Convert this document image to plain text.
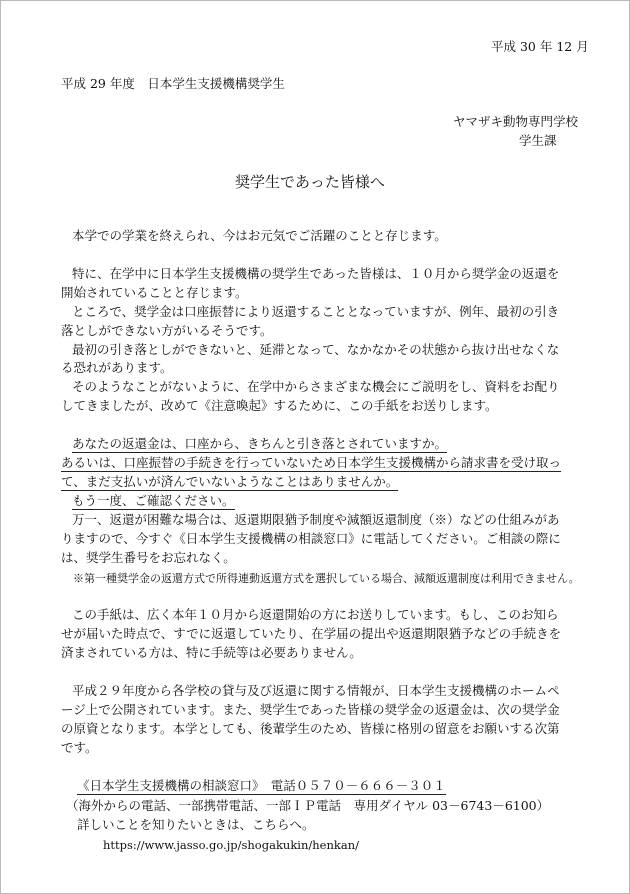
平成 30 年 12 月
平成 29 年度　日本学生支援機構奨学生
ヤマザキ動物専門学校
学生課
奨学生であった皆様へ
本学での学業を終えられ、今はお元気でご活躍のことと存じます。
特に、在学中に日本学生支援機構の奨学生であった皆様は、１０月から奨学金の返還を
開始されていることと存じます。
ところで、奨学金は口座振替により返還することとなっていますが、例年、最初の引き
落としができない方がいるそうです。
最初の引き落としができないと、延滞となって、なかなかその状態から抜け出せなくな
る恐れがあります。
そのようなことがないように、在学中からさまざまな機会にご説明をし、資料をお配り
してきましたが、改めて《注意喚起》するために、この手紙をお送りします。
あなたの返還金は、口座から、きちんと引き落とされていますか。
あるいは、口座振替の手続きを行っていないため日本学生支援機構から請求書を受け取っ
て、まだ支払いが済んでいないようなことはありませんか。
もう一度、ご確認ください。
万一、返還が困難な場合は、返還期限猶予制度や減額返還制度（※）などの仕組みがあ
りますので、今すぐ《日本学生支援機構の相談窓口》に電話してください。ご相談の際に
は、奨学生番号をお忘れなく。
※第一種奨学金の返還方式で所得連動返還方式を選択している場合、減額返還制度は利用できません。
この手紙は、広く本年１０月から返還開始の方にお送りしています。もし、このお知ら
せが届いた時点で、すでに返還していたり、在学届の提出や返還期限猶予などの手続きを
済まされている方は、特に手続等は必要ありません。
平成２９年度から各学校の貸与及び返還に関する情報が、日本学生支援機構のホームペ
ージ上で公開されています。また、奨学生であった皆様の奨学金の返還金は、次の奨学金
の原資となります。本学としても、後輩学生のため、皆様に格別の留意をお願いする次第
です。
《日本学生支援機構の相談窓口》　電話０５７０－６６６－３０１
（海外からの電話、一部携帯電話、一部ＩＰ電話　専用ダイヤル 03－6743－6100）
詳しいことを知りたいときは、こちらへ。
https://www.jasso.go.jp/shogakukin/henkan/
